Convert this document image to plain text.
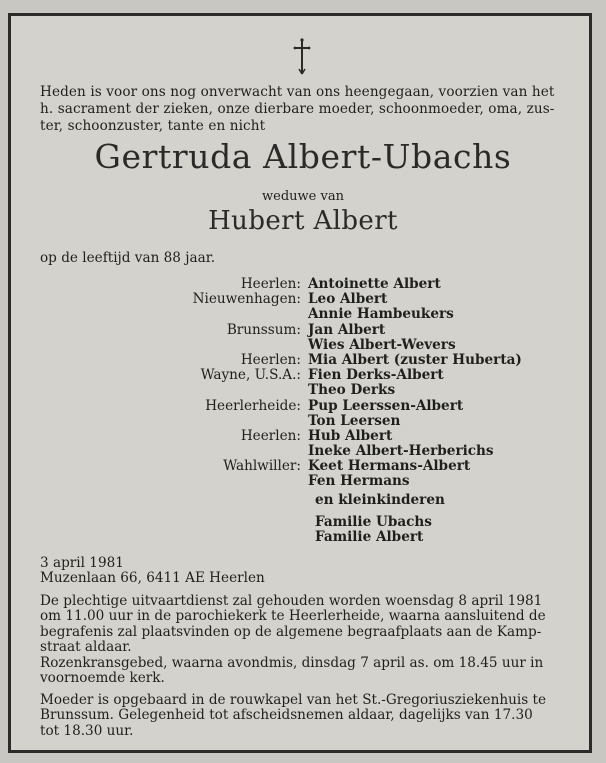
Heden is voor ons nog onverwacht van ons heengegaan, voorzien van het
h. sacrament der zieken, onze dierbare moeder, schoonmoeder, oma, zus-
ter, schoonzuster, tante en nicht
Gertruda Albert-Ubachs
weduwe van
Hubert Albert
op de leeftijd van 88 jaar.
Heerlen: Antoinette Albert
Nieuwenhagen: Leo Albert
Annie Hambeukers
Brunssum: Jan Albert
Wies Albert-Wevers
Heerlen: Mia Albert (zuster Huberta)
Wayne, U.S.A.: Fien Derks-Albert
Theo Derks
Heerlerheide: Pup Leerssen-Albert
Ton Leersen
Heerlen: Hub Albert
Ineke Albert-Herberichs
Wahlwiller: Keet Hermans-Albert
Fen Hermans
en kleinkinderen
Familie Ubachs
Familie Albert
3 april 1981
Muzenlaan 66, 6411 AE Heerlen
De plechtige uitvaartdienst zal gehouden worden woensdag 8 april 1981
om 11.00 uur in de parochiekerk te Heerlerheide, waarna aansluitend de
begrafenis zal plaatsvinden op de algemene begraafplaats aan de Kamp-
straat aldaar.
Rozenkransgebed, waarna avondmis, dinsdag 7 april as. om 18.45 uur in
voornoemde kerk.
Moeder is opgebaard in de rouwkapel van het St.-Gregoriusziekenhuis te
Brunssum. Gelegenheid tot afscheidsnemen aldaar, dagelijks van 17.30
tot 18.30 uur.
